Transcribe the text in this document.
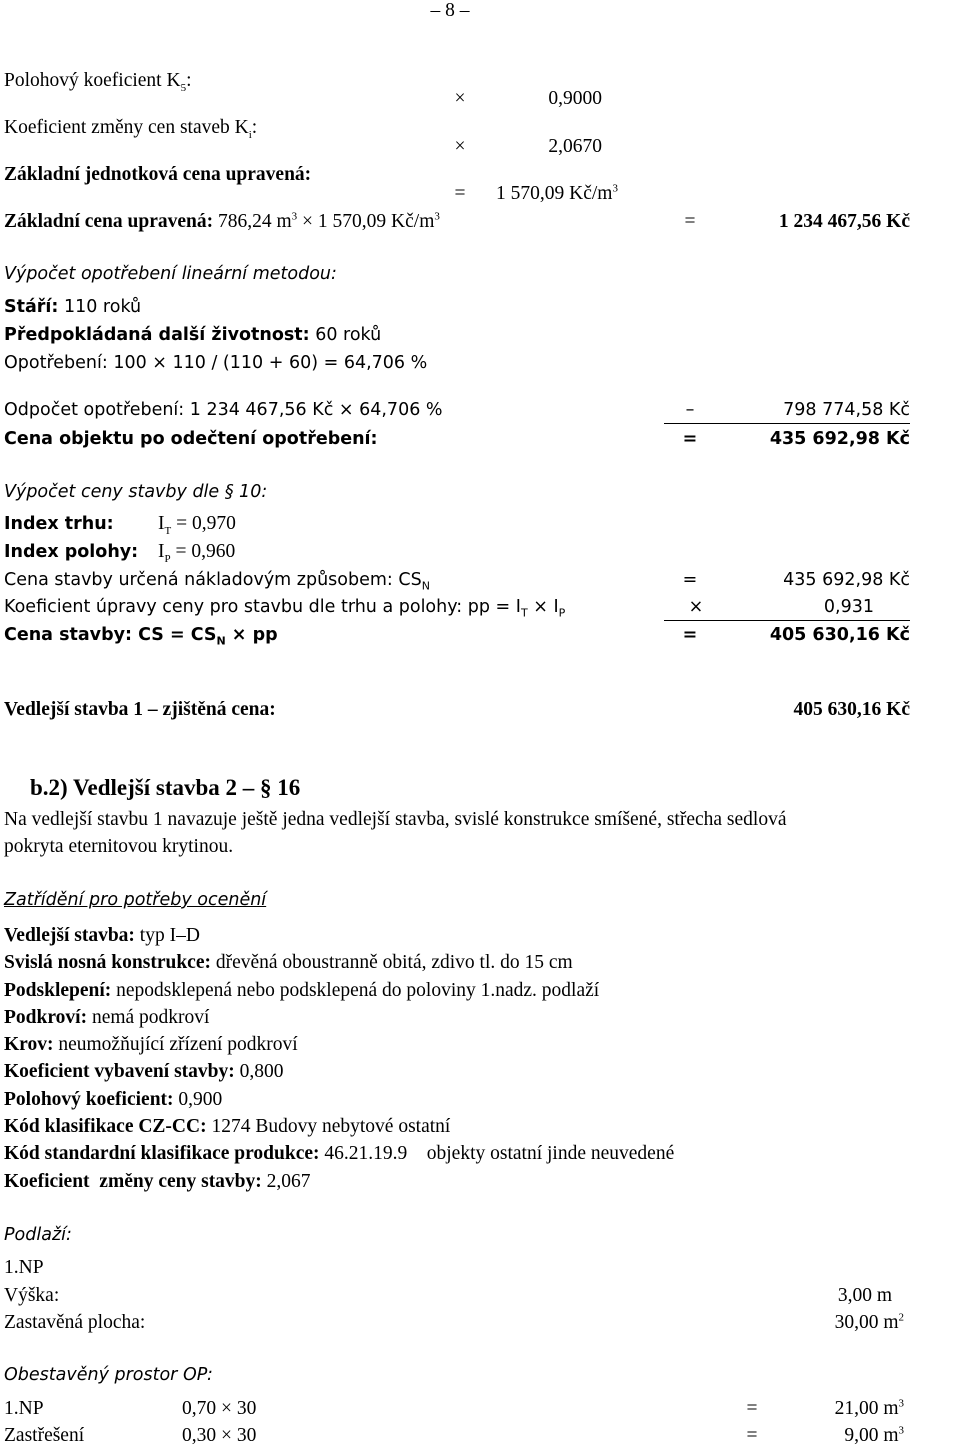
– 8 –
Polohový koeficient $K_5$:
×	0,9000
Koeficient změny cen staveb $K_i$:
×	2,0670
Základní jednotková cena upravená:
=	1 570,09 $Kč/m^3$
Základní cena upravená: 786,24 $m^3 \times 1$ 570,09 $Kč/m^3$	=	1 234 467,56 Kč
Výpočet opotřebení lineární metodou:
Stáří: 110 roků
Předpokládaná další životnost: 60 roků
Opotřebení: 100 × 110 / (110 + 60) = 64,706 %
Odpočet opotřebení: 1 234 467,56 Kč × 64,706 %	–	798 774,58 Kč
Cena objektu po odečtení opotřebení:	=	435 692,98 Kč
Výpočet ceny stavby dle § 10:
Index trhu: $I_T = 0,970$
Index polohy: $I_P = 0,960$
Cena stavby určená nákladovým způsobem: $CS_N$	=	435 692,98 Kč
Koeficient úpravy ceny pro stavbu dle trhu a polohy: pp = $I_T \times I_P$	×	0,931
Cena stavby: CS = $CS_N$ × pp	=	405 630,16 Kč
Vedlejší stavba 1 – zjištěná cena:	405 630,16 Kč
b.2) Vedlejší stavba 2 – § 16
Na vedlejší stavbu 1 navazuje ještě jedna vedlejší stavba, svislé konstrukce smíšené, střecha sedlová
pokryta eternitovou krytinou.
Zatřídění pro potřeby ocenění
Vedlejší stavba: typ I–D
Svislá nosná konstrukce: dřevěná oboustranně obitá, zdivo tl. do 15 cm
Podsklepení: nepodsklepená nebo podsklepená do poloviny 1.nadz. podlaží
Podkroví: nemá podkroví
Krov: neumožňující zřízení podkroví
Koeficient vybavení stavby: 0,800
Polohový koeficient: 0,900
Kód klasifikace CZ-CC: 1274 Budovy nebytové ostatní
Kód standardní klasifikace produkce: 46.21.19.9    objekty ostatní jinde neuvedené
Koeficient  změny ceny stavby: 2,067
Podlaží:
1.NP
Výška:	3,00 m
Zastavěná plocha:	30,00 $m^2$
Obestavěný prostor OP:
1.NP	0,70 × 30	=	21,00 $m^3$
Zastřešení	0,30 × 30	=	9,00 $m^3$
